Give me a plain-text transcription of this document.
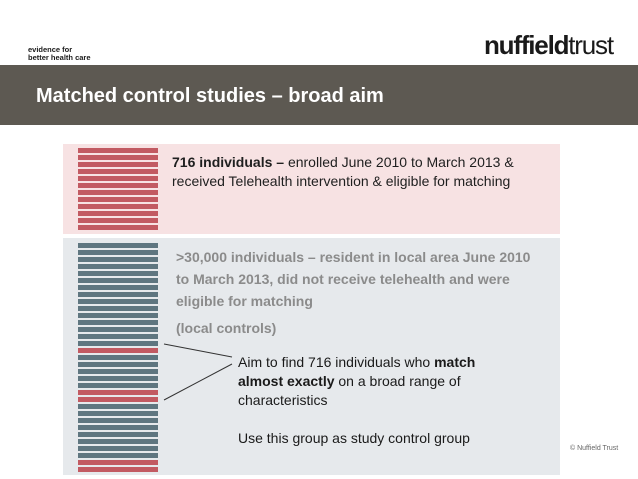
evidence for
better health care	nuffieldtrust
Matched control studies – broad aim
716 individuals – enrolled June 2010 to March 2013 & received Telehealth intervention & eligible for matching
>30,000 individuals – resident in local area June 2010 to March 2013, did not receive telehealth and were eligible for matching
(local controls)
Aim to find 716 individuals who match almost exactly on a broad range of characteristics
Use this group as study control group
© Nuffield Trust
